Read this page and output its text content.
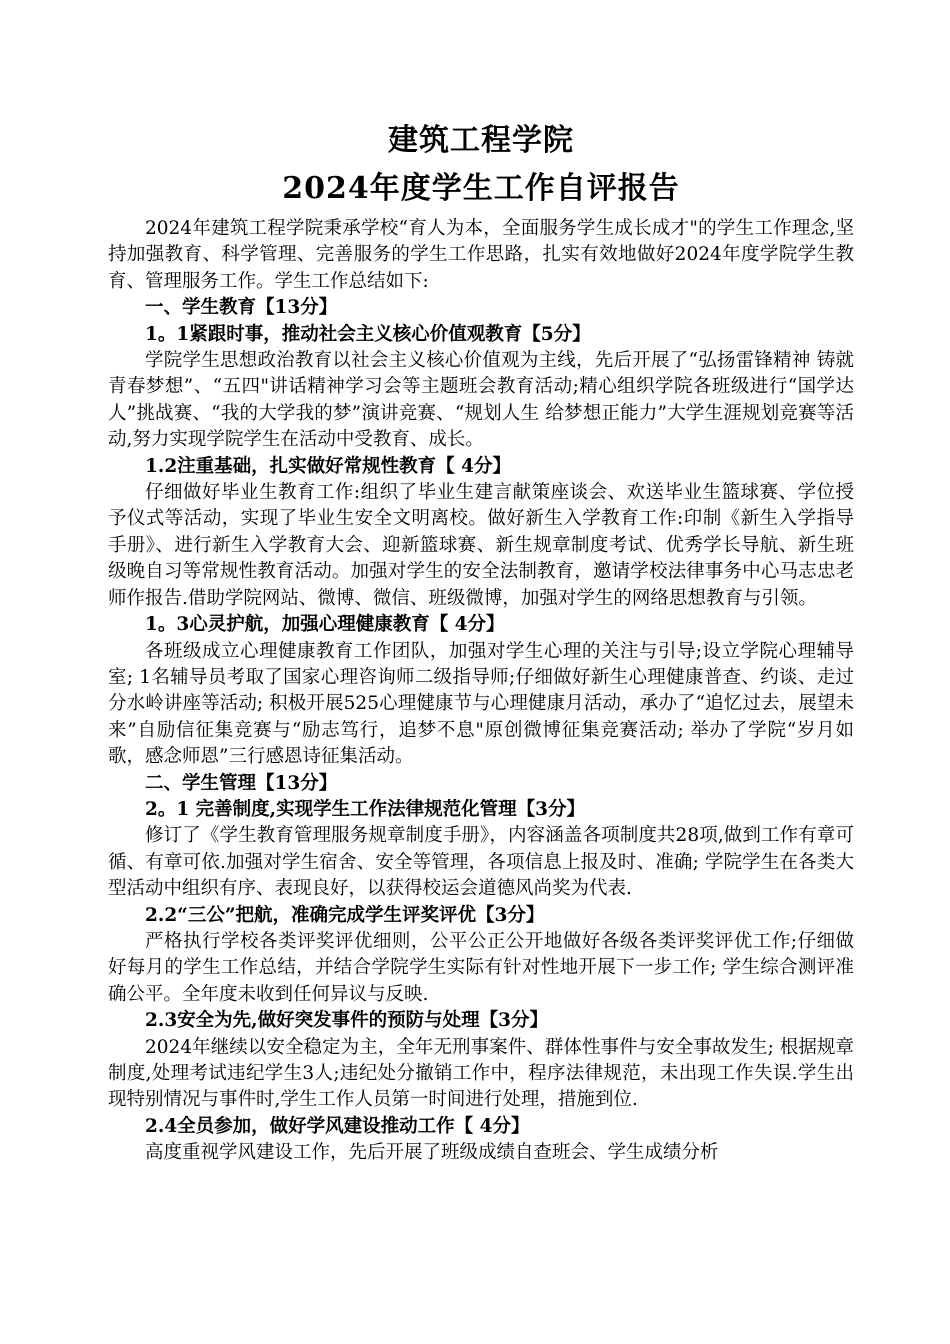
建筑工程学院
2024年度学生工作自评报告

2024年建筑工程学院秉承学校“育人为本，全面服务学生成长成才"的学生工作理念,坚持加强教育、科学管理、完善服务的学生工作思路，扎实有效地做好2024年度学院学生教育、管理服务工作。学生工作总结如下:

一、学生教育【13分】

1。1紧跟时事，推动社会主义核心价值观教育【5分】

学院学生思想政治教育以社会主义核心价值观为主线，先后开展了“弘扬雷锋精神 铸就青春梦想”、“五四"讲话精神学习会等主题班会教育活动;精心组织学院各班级进行“国学达人”挑战赛、“我的大学我的梦”演讲竞赛、“规划人生 给梦想正能力”大学生涯规划竞赛等活动,努力实现学院学生在活动中受教育、成长。

1.2注重基础，扎实做好常规性教育【 4分】

仔细做好毕业生教育工作:组织了毕业生建言献策座谈会、欢送毕业生篮球赛、学位授予仪式等活动，实现了毕业生安全文明离校。做好新生入学教育工作:印制《新生入学指导手册》、进行新生入学教育大会、迎新篮球赛、新生规章制度考试、优秀学长导航、新生班级晚自习等常规性教育活动。加强对学生的安全法制教育，邀请学校法律事务中心马志忠老师作报告.借助学院网站、微博、微信、班级微博，加强对学生的网络思想教育与引领。

1。3心灵护航，加强心理健康教育【 4分】

各班级成立心理健康教育工作团队，加强对学生心理的关注与引导;设立学院心理辅导室; 1名辅导员考取了国家心理咨询师二级指导师;仔细做好新生心理健康普查、约谈、走过分水岭讲座等活动; 积极开展525心理健康节与心理健康月活动，承办了“追忆过去，展望未来”自励信征集竞赛与“励志笃行，追梦不息"原创微博征集竞赛活动; 举办了学院“岁月如歌，感念师恩”三行感恩诗征集活动。

二、学生管理【13分】

2。1 完善制度,实现学生工作法律规范化管理【3分】

修订了《学生教育管理服务规章制度手册》，内容涵盖各项制度共28项,做到工作有章可循、有章可依.加强对学生宿舍、安全等管理，各项信息上报及时、准确; 学院学生在各类大型活动中组织有序、表现良好，以获得校运会道德风尚奖为代表.

2.2“三公”把航，准确完成学生评奖评优【3分】

严格执行学校各类评奖评优细则，公平公正公开地做好各级各类评奖评优工作;仔细做好每月的学生工作总结，并结合学院学生实际有针对性地开展下一步工作; 学生综合测评准确公平。全年度未收到任何异议与反映.

2.3安全为先,做好突发事件的预防与处理【3分】

2024年继续以安全稳定为主，全年无刑事案件、群体性事件与安全事故发生; 根据规章制度,处理考试违纪学生3人;违纪处分撤销工作中，程序法律规范，未出现工作失误.学生出现特别情况与事件时,学生工作人员第一时间进行处理，措施到位.

2.4全员参加，做好学风建设推动工作【 4分】

高度重视学风建设工作，先后开展了班级成绩自查班会、学生成绩分析
